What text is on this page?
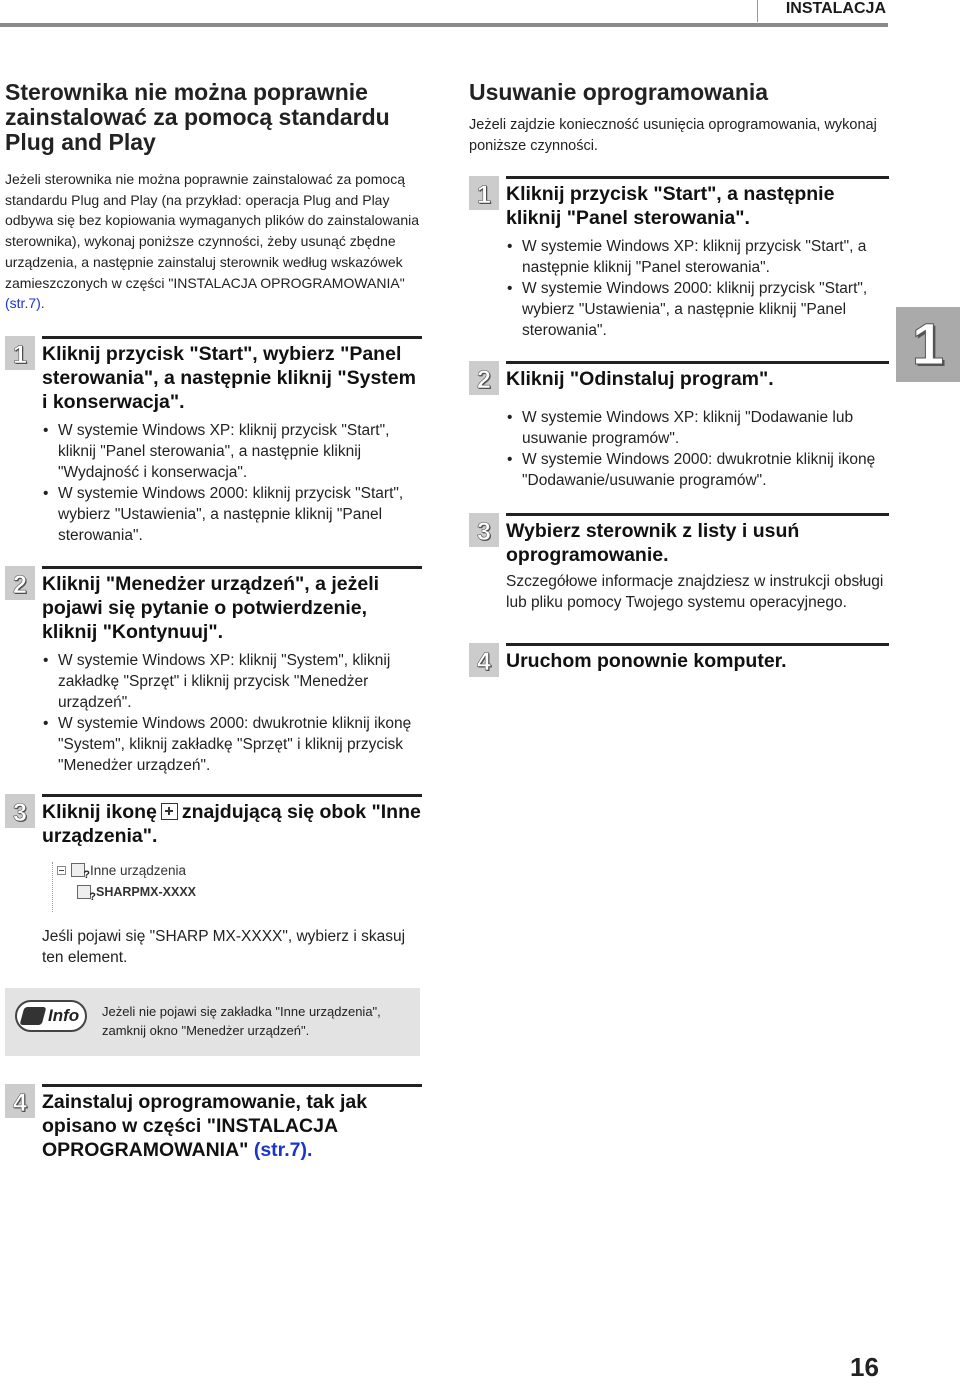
INSTALACJA
Sterownika nie można poprawnie zainstalować za pomocą standardu Plug and Play

Jeżeli sterownika nie można poprawnie zainstalować za pomocą standardu Plug and Play (na przykład: operacja Plug and Play odbywa się bez kopiowania wymaganych plików do zainstalowania sterownika), wykonaj poniższe czynności, żeby usunąć zbędne urządzenia, a następnie zainstaluj sterownik według wskazówek zamieszczonych w części "INSTALACJA OPROGRAMOWANIA" (str.7).

1 Kliknij przycisk "Start", wybierz "Panel sterowania", a następnie kliknij "System i konserwacja".
• W systemie Windows XP: kliknij przycisk "Start", kliknij "Panel sterowania", a następnie kliknij "Wydajność i konserwacja".
• W systemie Windows 2000: kliknij przycisk "Start", wybierz "Ustawienia", a następnie kliknij "Panel sterowania".
2 Kliknij "Menedżer urządzeń", a jeżeli pojawi się pytanie o potwierdzenie, kliknij "Kontynuuj".
• W systemie Windows XP: kliknij "System", kliknij zakładkę "Sprzęt" i kliknij przycisk "Menedżer urządzeń".
• W systemie Windows 2000: dwukrotnie kliknij ikonę "System", kliknij zakładkę "Sprzęt" i kliknij przycisk "Menedżer urządzeń".
3 Kliknij ikonę znajdującą się obok "Inne urządzenia".
?
Inne urządzenia
?
SHARPMX-XXXX

Jeśli pojawi się "SHARP MX-XXXX", wybierz i skasuj ten element.

Info Jeżeli nie pojawi się zakładka "Inne urządzenia", zamknij okno "Menedżer urządzeń".
4 Zainstaluj oprogramowanie, tak jak opisano w części "INSTALACJA OPROGRAMOWANIA" (str.7).
Usuwanie oprogramowania

Jeżeli zajdzie konieczność usunięcia oprogramowania, wykonaj poniższe czynności.

1 Kliknij przycisk "Start", a następnie kliknij "Panel sterowania".
• W systemie Windows XP: kliknij przycisk "Start", a następnie kliknij "Panel sterowania".
• W systemie Windows 2000: kliknij przycisk "Start", wybierz "Ustawienia", a następnie kliknij "Panel sterowania".
2 Kliknij "Odinstaluj program".
• W systemie Windows XP: kliknij "Dodawanie lub usuwanie programów".
• W systemie Windows 2000: dwukrotnie kliknij ikonę "Dodawanie/usuwanie programów".
3 Wybierz sterownik z listy i usuń oprogramowanie.

Szczegółowe informacje znajdziesz w instrukcji obsługi lub pliku pomocy Twojego systemu operacyjnego.

4 Uruchom ponownie komputer.
1
16
